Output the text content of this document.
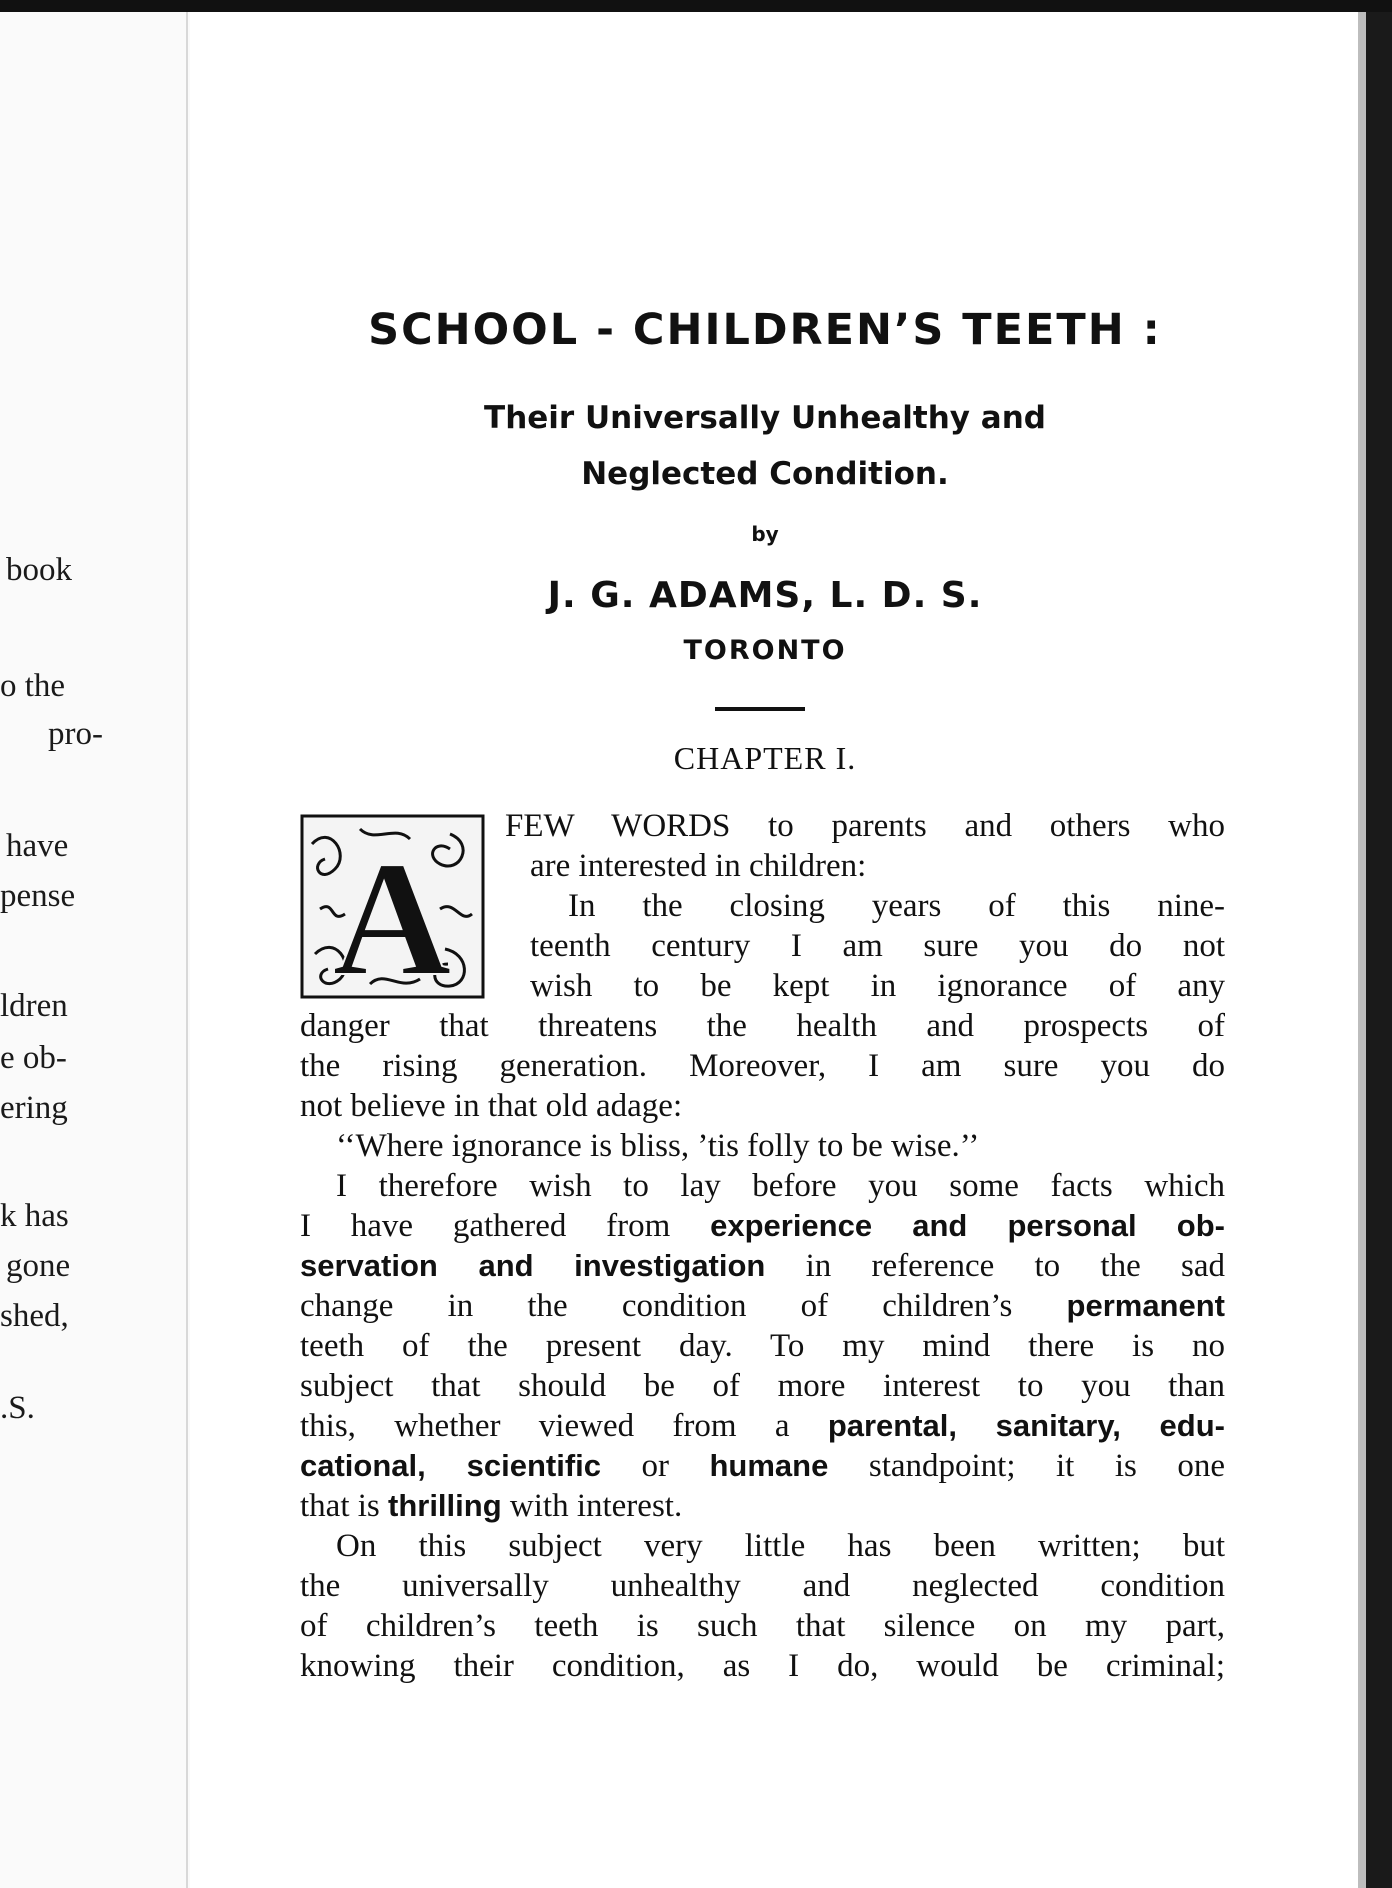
book
o the
pro-
have
pense
ldren
e ob-
ering
k has
gone
shed,
.S.
SCHOOL - CHILDREN’S TEETH :
Their Universally Unhealthy and
Neglected Condition.
by
J. G. ADAMS, L. D. S.
TORONTO
CHAPTER I.
A
FEW WORDS to parents and others who
are interested in children:
In the closing years of this nine-
teenth century I am sure you do not
wish to be kept in ignorance of any
danger that threatens the health and prospects of
the rising generation. Moreover, I am sure you do
not believe in that old adage:
‘‘Where ignorance is bliss, ’tis folly to be wise.’’
I therefore wish to lay before you some facts which
I have gathered from experience and personal ob-
servation and investigation in reference to the sad
change in the condition of children’s permanent
teeth of the present day. To my mind there is no
subject that should be of more interest to you than
this, whether viewed from a parental, sanitary, edu-
cational, scientific or humane standpoint; it is one
that is thrilling with interest.
On this subject very little has been written; but
the universally unhealthy and neglected condition
of children’s teeth is such that silence on my part,
knowing their condition, as I do, would be criminal;
